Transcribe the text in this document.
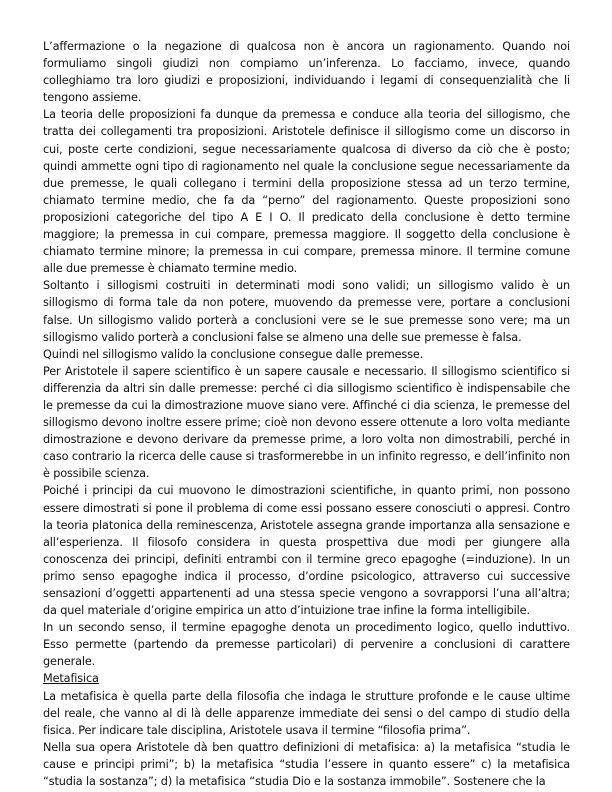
L’affermazione o la negazione di qualcosa non è ancora un ragionamento. Quando noi formuliamo singoli giudizi non compiamo un’inferenza. Lo facciamo, invece, quando colleghiamo tra loro giudizi e proposizioni, individuando i legami di consequenzialità che li tengono assieme.

La teoria delle proposizioni fa dunque da premessa e conduce alla teoria del sillogismo, che tratta dei collegamenti tra proposizioni. Aristotele definisce il sillogismo come un discorso in cui, poste certe condizioni, segue necessariamente qualcosa di diverso da ciò che è posto; quindi ammette ogni tipo di ragionamento nel quale la conclusione segue necessariamente da due premesse, le quali collegano i termini della proposizione stessa ad un terzo termine, chiamato termine medio, che fa da “perno” del ragionamento. Queste proposizioni sono proposizioni categoriche del tipo A E I O. Il predicato della conclusione è detto termine maggiore; la premessa in cui compare, premessa maggiore. Il soggetto della conclusione è chiamato termine minore; la premessa in cui compare, premessa minore. Il termine comune alle due premesse è chiamato termine medio.

Soltanto i sillogismi costruiti in determinati modi sono validi; un sillogismo valido è un sillogismo di forma tale da non potere, muovendo da premesse vere, portare a conclusioni false. Un sillogismo valido porterà a conclusioni vere se le sue premesse sono vere; ma un sillogismo valido porterà a conclusioni false se almeno una delle sue premesse è falsa.

Quindi nel sillogismo valido la conclusione consegue dalle premesse.

Per Aristotele il sapere scientifico è un sapere causale e necessario. Il sillogismo scientifico si differenzia da altri sin dalle premesse: perché ci dia sillogismo scientifico è indispensabile che le premesse da cui la dimostrazione muove siano vere. Affinché ci dia scienza, le premesse del sillogismo devono inoltre essere prime; cioè non devono essere ottenute a loro volta mediante dimostrazione e devono derivare da premesse prime, a loro volta non dimostrabili, perché in caso contrario la ricerca delle cause si trasformerebbe in un infinito regresso, e dell’infinito non è possibile scienza.

Poiché i principi da cui muovono le dimostrazioni scientifiche, in quanto primi, non possono essere dimostrati si pone il problema di come essi possano essere conosciuti o appresi. Contro la teoria platonica della reminescenza, Aristotele assegna grande importanza alla sensazione e all’esperienza. Il filosofo considera in questa prospettiva due modi per giungere alla conoscenza dei principi, definiti entrambi con il termine greco epagoghe (=induzione). In un primo senso epagoghe indica il processo, d’ordine psicologico, attraverso cui successive sensazioni d’oggetti appartenenti ad una stessa specie vengono a sovrapporsi l’una all’altra; da quel materiale d’origine empirica un atto d’intuizione trae infine la forma intelligibile.

In un secondo senso, il termine epagoghe denota un procedimento logico, quello induttivo. Esso permette (partendo da premesse particolari) di pervenire a conclusioni di carattere generale.

Metafisica

La metafisica è quella parte della filosofia che indaga le strutture profonde e le cause ultime del reale, che vanno al di là delle apparenze immediate dei sensi o del campo di studio della fisica. Per indicare tale disciplina, Aristotele usava il termine “filosofia prima”.

Nella sua opera Aristotele dà ben quattro definizioni di metafisica: a) la metafisica “studia le cause e principi primi”; b) la metafisica “studia l’essere in quanto essere” c) la metafisica “studia la sostanza”; d) la metafisica “studia Dio e la sostanza immobile”. Sostenere che la
